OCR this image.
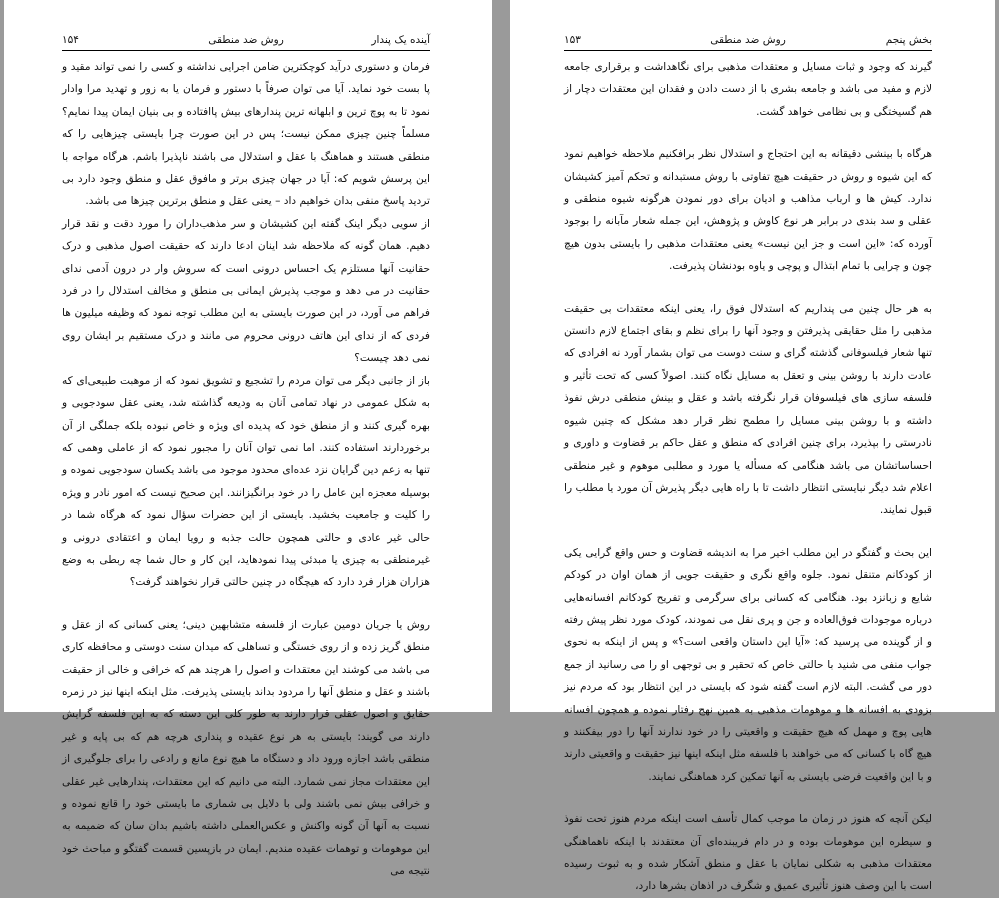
آینده یک پندار
روش ضد منطقی
۱۵۴

فرمان و دستوری درآید کوچکترین ضامن اجرایی نداشته و کسی را نمی تواند مقید و پا بست خود نماید. آیا می توان صرفاً با دستور و فرمان یا به زور و تهدید مرا وادار نمود تا به پوچ ترین و ابلهانه ترین پندارهای بیش پاافتاده و بی بنیان ایمان پیدا نمایم؟ مسلماً چنین چیزی ممکن نیست؛ پس در این صورت چرا بایستی چیزهایی را که منطقی هستند و هماهنگ با عقل و استدلال می باشند ناپذیرا باشم. هرگاه مواجه با این پرسش شویم که: آیا در جهان چیزی برتر و مافوق عقل و منطق وجود دارد بی تردید پاسخ منفی بدان خواهیم داد – یعنی عقل و منطق برترین چیزها می باشد.

از سویی دیگر اینک گفته این کشیشان و سر مذهب‌داران را مورد دقت و نقد قرار دهیم. همان گونه که ملاحظه شد اینان ادعا دارند که حقیقت اصول مذهبی و درک حقانیت آنها مستلزم یک احساس درونی است که سروش وار در درون آدمی ندای حقانیت در می دهد و موجب پذیرش ایمانی بی منطق و مخالف استدلال را در فرد فراهم می آورد، در این صورت بایستی به این مطلب توجه نمود که وظیفه میلیون ها فردی که از ندای این هاتف درونی محروم می مانند و درک مستقیم بر ایشان روی نمی دهد چیست؟

باز از جانبی دیگر می توان مردم را تشجیع و تشویق نمود که از موهبت طبیعی‌ای که به شکل عمومی در نهاد تمامی آنان به ودیعه گذاشته شد، یعنی عقل سودجویی و بهره گیری کنند و از منطق خود که پدیده ای ویژه و خاص نبوده بلکه جملگی از آن برخوردارند استفاده کنند. اما نمی توان آنان را مجبور نمود که از عاملی وهمی که تنها به زعم دین گرایان نزد عده‌ای محدود موجود می باشد یکسان سودجویی نموده و بوسیله معجزه این عامل را در خود برانگیزانند. این صحیح نیست که امور نادر و ویژه را کلیت و جامعیت بخشید. بایستی از این حضرات سؤال نمود که هرگاه شما در حالی غیر عادی و حالتی همچون حالت جذبه و رویا ایمان و اعتقادی درونی و غیرمنطقی به چیزی یا مبدئی پیدا نمودهاید، این کار و حال شما چه ربطی به وضع هزاران هزار فرد دارد که هیچگاه در چنین حالتی قرار نخواهند گرفت؟

روش یا جریان دومین عبارت از فلسفه متشابهین دینی؛ یعنی کسانی که از عقل و منطق گریز زده و از روی خستگی و تساهلی که میدان سنت دوستی و محافظه کاری می باشد می کوشند این معتقدات و اصول را هرچند هم که خرافی و خالی از حقیقت باشند و عقل و منطق آنها را مردود بداند بایستی پذیرفت. مثل اینکه اینها نیز در زمره حقایق و اصول عقلی قرار دارند به طور کلی این دسته که به این فلسفه گرایش دارند می گویند: بایستی به هر نوع عقیده و پنداری هرچه هم که بی پایه و غیر منطقی باشد اجازه ورود داد و دستگاه ما هیچ نوع مانع و رادعی را برای جلوگیری از این معتقدات مجاز نمی شمارد. البته می دانیم که این معتقدات، پندارهایی غیر عقلی و خرافی بیش نمی باشند ولی با دلایل بی شماری ما بایستی خود را قانع نموده و نسبت به آنها آن گونه واکنش و عکس‌العملی داشته باشیم بدان سان که ضمیمه به این موهومات و توهمات عقیده مندیم. ایمان در بازپسین قسمت گفتگو و مباحث خود نتیجه می

بخش پنجم
روش ضد منطقی
۱۵۳

گیرند که وجود و ثبات مسایل و معتقدات مذهبی برای نگاهداشت و برقراری جامعه لازم و مفید می باشد و جامعه بشری با از دست دادن و فقدان این معتقدات دچار از هم گسیختگی و بی نظامی خواهد گشت.

هرگاه با بینشی دقیقانه به این احتجاج و استدلال نظر برافکنیم ملاحظه خواهیم نمود که این شیوه و روش در حقیقت هیچ تفاوتی با روش مستبدانه و تحکم آمیز کشیشان ندارد. کیش ها و ارباب مذاهب و ادیان برای دور نمودن هرگونه شیوه منطقی و عقلی و سد بندی در برابر هر نوع کاوش و پژوهش، این جمله شعار مآبانه را بوجود آورده که: «این است و جز این نیست» یعنی معتقدات مذهبی را بایستی بدون هیچ چون و چرایی با تمام ابتذال و پوچی و یاوه بودنشان پذیرفت.

به هر حال چنین می پنداریم که استدلال فوق را، یعنی اینکه معتقدات بی حقیقت مذهبی را مثل حقایقی پذیرفتن و وجود آنها را برای نظم و بقای اجتماع لازم دانستن تنها شعار فیلسوفانی گذشته گرای و سنت دوست می توان بشمار آورد نه افرادی که عادت دارند با روشن بینی و تعقل به مسایل نگاه کنند. اصولاً کسی که تحت تأثیر و فلسفه سازی های فیلسوفان قرار نگرفته باشد و عقل و بینش منطقی درش نفوذ داشته و با روشن بینی مسایل را مطمح نظر قرار دهد مشکل که چنین شیوه نادرستی را بپذیرد، برای چنین افرادی که منطق و عقل حاکم بر قضاوت و داوری و احساساتشان می باشد هنگامی که مسأله یا مورد و مطلبی موهوم و غیر منطقی اعلام شد دیگر نبایستی انتظار داشت تا با راه هایی دیگر پذیرش آن مورد یا مطلب را قبول نمایند.

این بحث و گفتگو در این مطلب اخیر مرا به اندیشه قضاوت و حس واقع گرایی یکی از کودکانم متنقل نمود. جلوه واقع نگری و حقیقت جویی از همان اوان در کودکم شایع و زبانزد بود. هنگامی که کسانی برای سرگرمی و تفریح کودکانم افسانه‌هایی درباره موجودات فوق‌العاده و جن و پری نقل می نمودند، کودک مورد نظر پیش رفته و از گوینده می پرسید که: «آیا این داستان واقعی است؟» و پس از اینکه به نحوی جواب منفی می شنید با حالتی خاص که تحقیر و بی توجهی او را می رسانید از جمع دور می گشت. البته لازم است گفته شود که بایستی در این انتظار بود که مردم نیز بزودی به افسانه ها و موهومات مذهبی به همین نهج رفتار نموده و همچون افسانه هایی پوچ و مهمل که هیچ حقیقت و واقعیتی را در خود ندارند آنها را دور بیفکنند و هیچ گاه با کسانی که می خواهند با فلسفه مثل اینکه اینها نیز حقیقت و واقعیتی دارند و با این واقعیت فرضی بایستی به آنها تمکین کرد هماهنگی نمایند.

لیکن آنچه که هنوز در زمان ما موجب کمال تأسف است اینکه مردم هنوز تحت نفوذ و سیطره این موهومات بوده و در دام فریبنده‌ای آن معتقدند با اینکه ناهماهنگی معتقدات مذهبی به شکلی نمایان با عقل و منطق آشکار شده و به ثبوت رسیده است با این وصف هنوز تأثیری عمیق و شگرف در اذهان بشرها دارد،
